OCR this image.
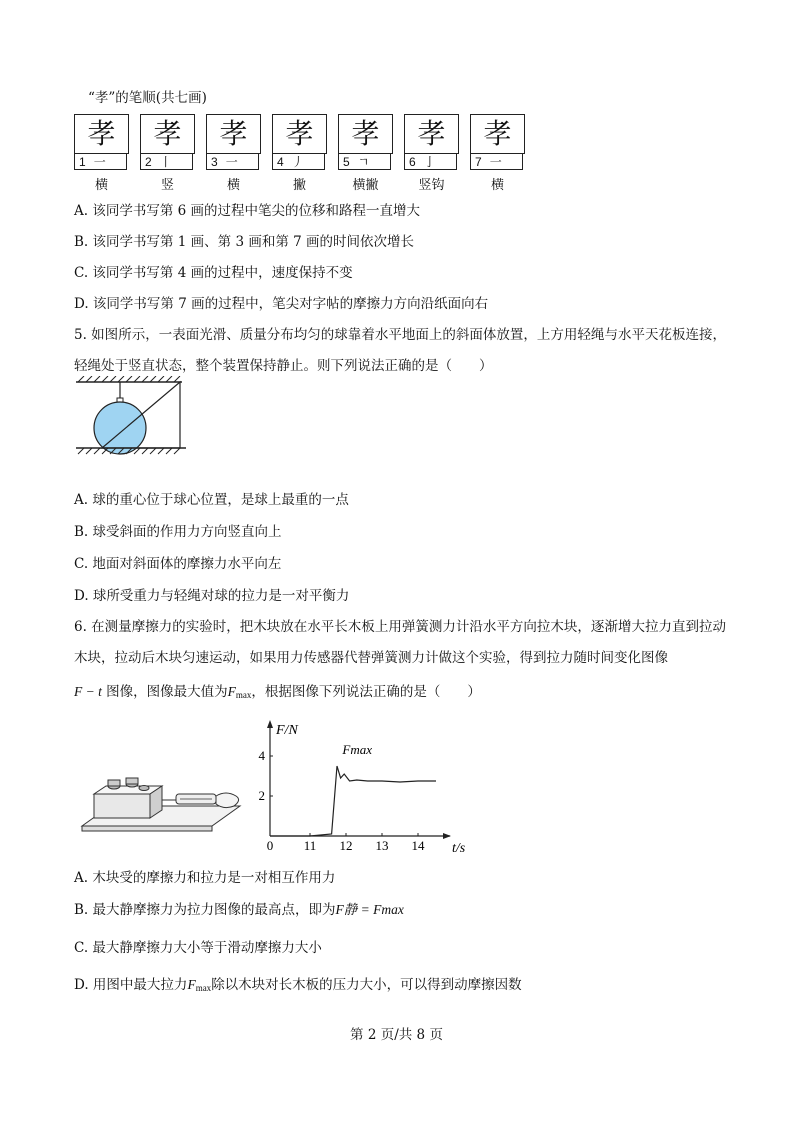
“孝”的笔顺(共七画)
孝
1 一
横
孝
2 丨
竖
孝
3 一
横
孝
4 丿
撇
孝
5 ㄱ
横撇
孝
6 亅
竖钩
孝
7 一
横
A. 该同学书写第 6 画的过程中笔尖的位移和路程一直增大
B. 该同学书写第 1 画、第 3 画和第 7 画的时间依次增长
C. 该同学书写第 4 画的过程中，速度保持不变
D. 该同学书写第 7 画的过程中，笔尖对字帖的摩擦力方向沿纸面向右
5. 如图所示，一表面光滑、质量分布均匀的球靠着水平地面上的斜面体放置，上方用轻绳与水平天花板连接，轻绳处于竖直状态，整个装置保持静止。则下列说法正确的是（　　）
A. 球的重心位于球心位置，是球上最重的一点
B. 球受斜面的作用力方向竖直向上
C. 地面对斜面体的摩擦力水平向左
D. 球所受重力与轻绳对球的拉力是一对平衡力
6. 在测量摩擦力的实验时，把木块放在水平长木板上用弹簧测力计沿水平方向拉木块，逐渐增大拉力直到拉动木块，拉动后木块匀速运动，如果用力传感器代替弹簧测力计做这个实验，得到拉力随时间变化图像
F − t 图像，图像最大值为$F_{max}$，根据图像下列说法正确的是（　　）
0 11 12 13 14
2
4
F/N
t/s
Fmax
A. 木块受的摩擦力和拉力是一对相互作用力
B. 最大静摩擦力为拉力图像的最高点，即为F静 = Fmax
C. 最大静摩擦力大小等于滑动摩擦力大小
D. 用图中最大拉力$F_{max}$除以木块对长木板的压力大小，可以得到动摩擦因数
第 2 页/共 8 页
